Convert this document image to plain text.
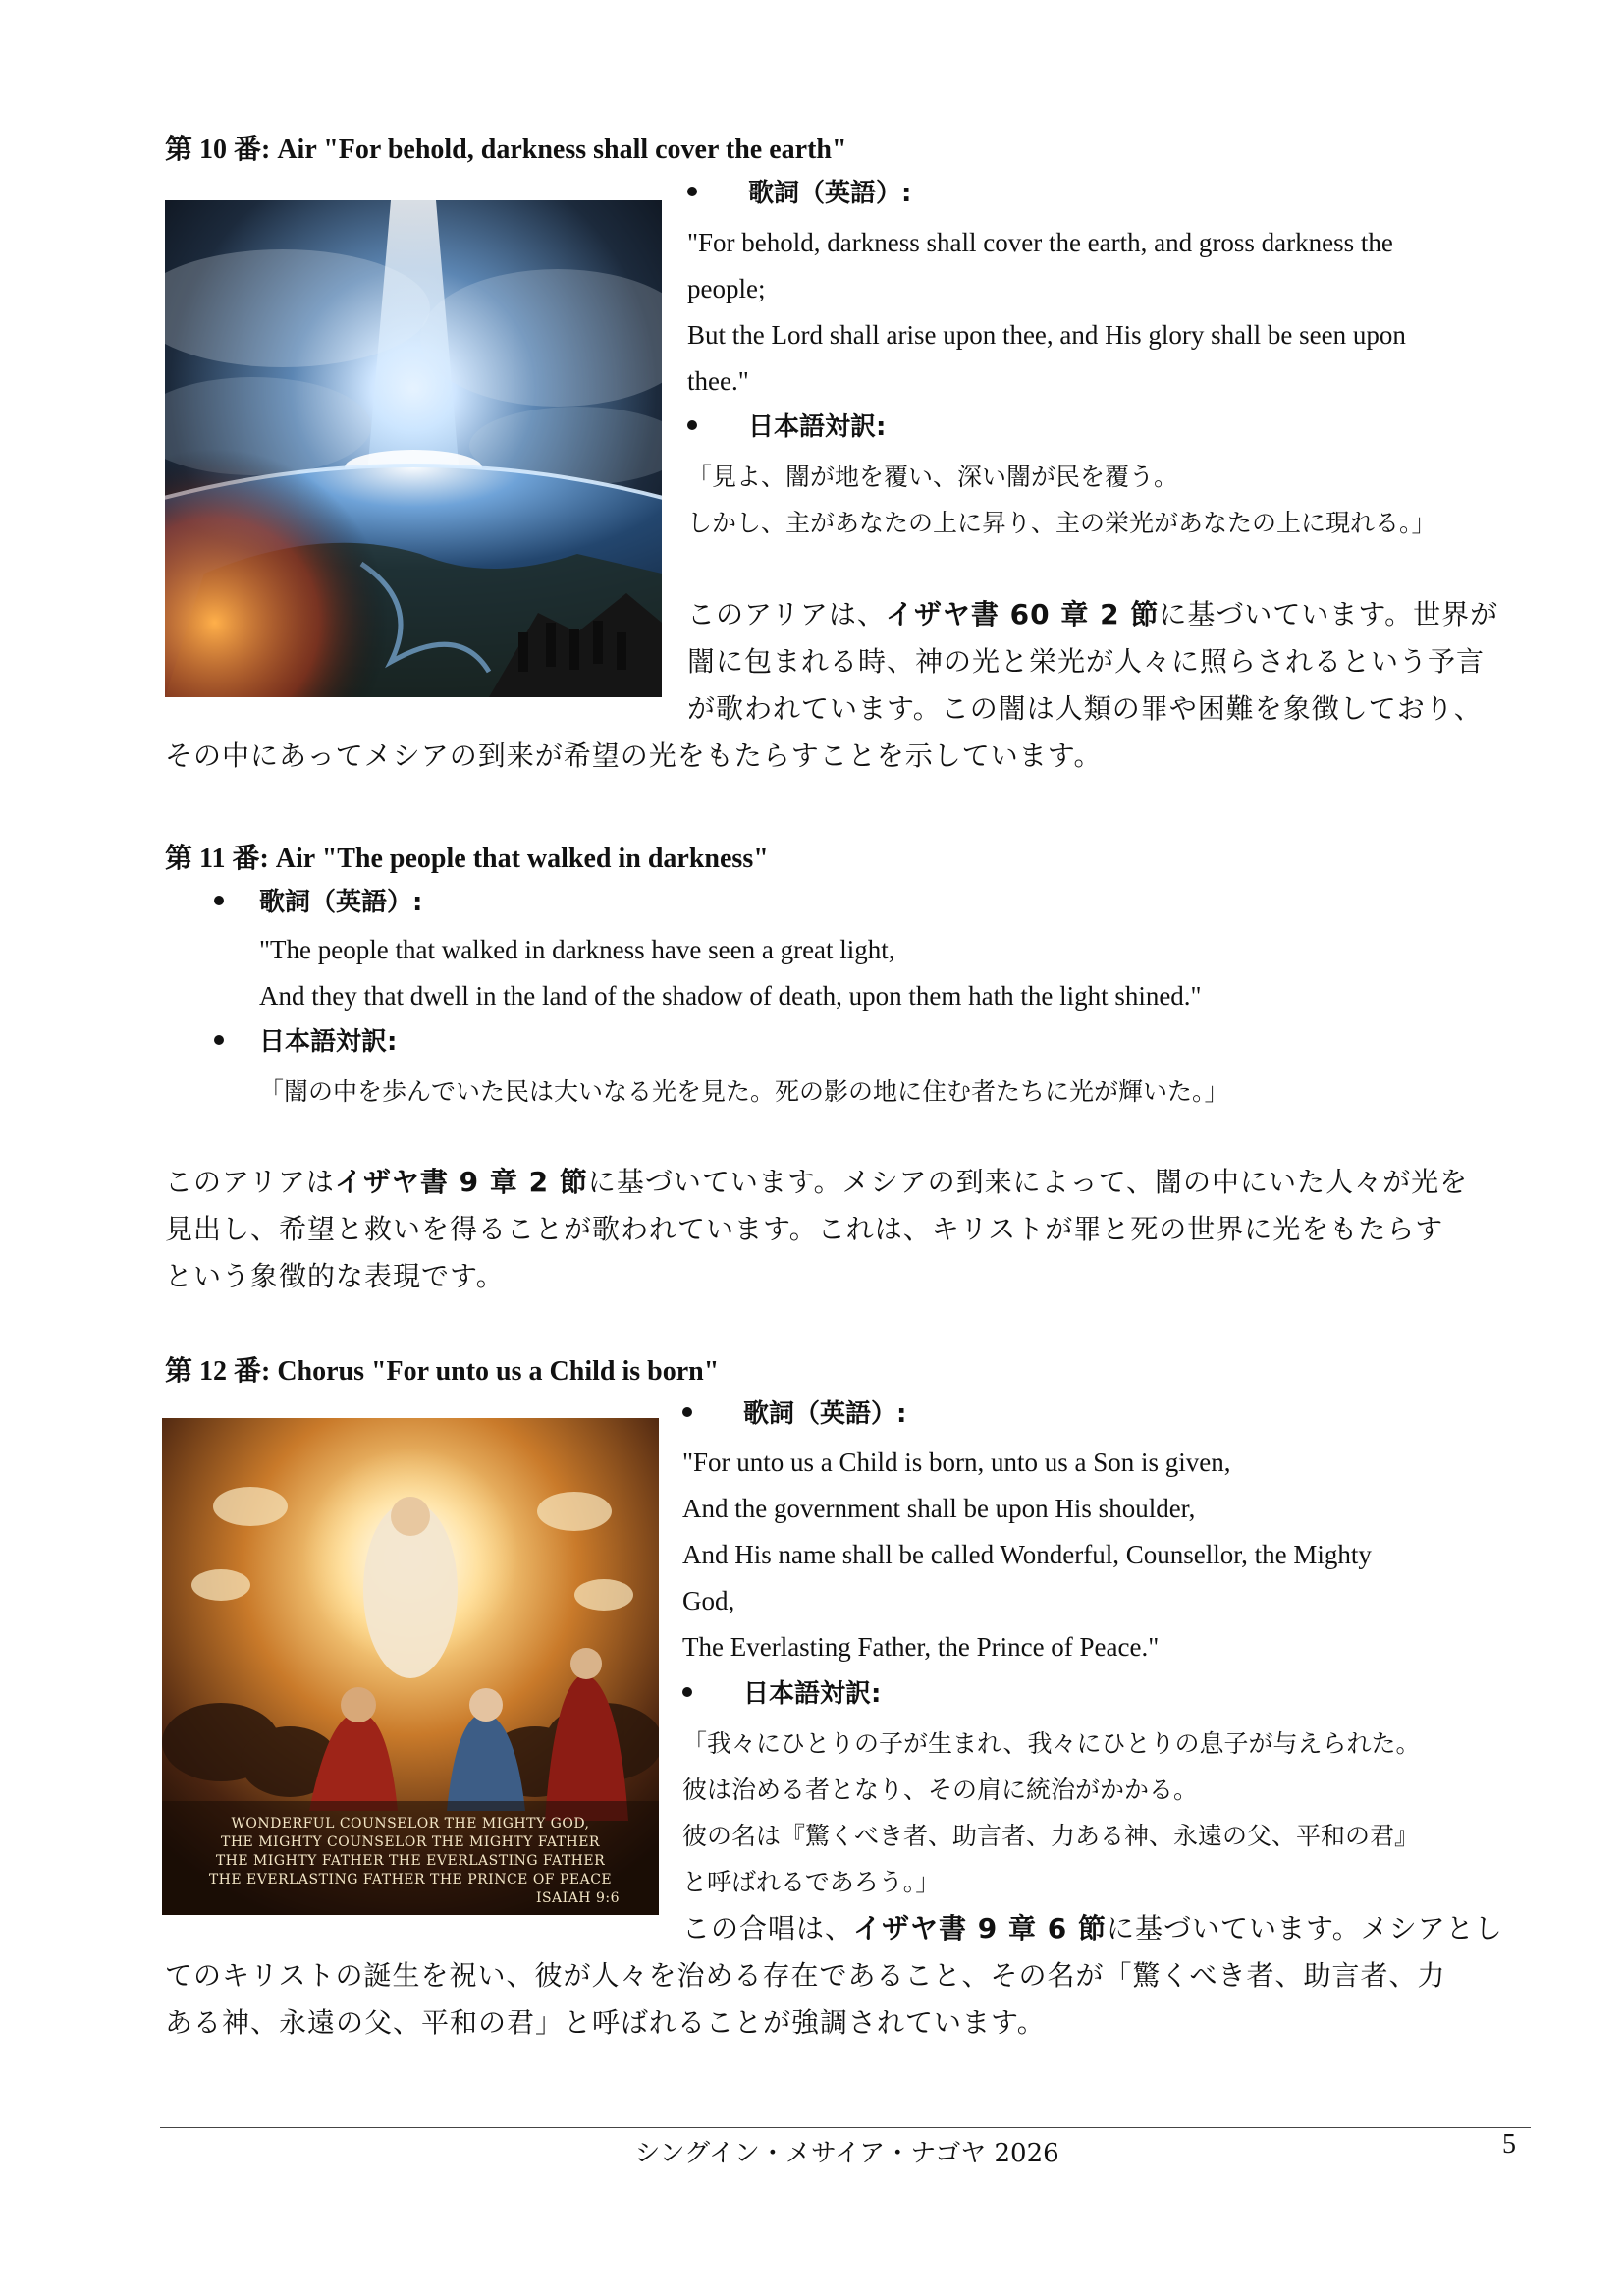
第 10 番: Air "For behold, darkness shall cover the earth"
歌詞（英語）:

"For behold, darkness shall cover the earth, and gross darkness the

people;

But the Lord shall arise upon thee, and His glory shall be seen upon

thee."

日本語対訳:

「見よ、闇が地を覆い、深い闇が民を覆う。

しかし、主があなたの上に昇り、主の栄光があなたの上に現れる。」

このアリアは、イザヤ書 60 章 2 節に基づいています。世界が

闇に包まれる時、神の光と栄光が人々に照らされるという予言

が歌われています。この闇は人類の罪や困難を象徴しており、

その中にあってメシアの到来が希望の光をもたらすことを示しています。

第 11 番: Air "The people that walked in darkness"
歌詞（英語）:

"The people that walked in darkness have seen a great light,

And they that dwell in the land of the shadow of death, upon them hath the light shined."

日本語対訳:

「闇の中を歩んでいた民は大いなる光を見た。死の影の地に住む者たちに光が輝いた。」

このアリアはイザヤ書 9 章 2 節に基づいています。メシアの到来によって、闇の中にいた人々が光を

見出し、希望と救いを得ることが歌われています。これは、キリストが罪と死の世界に光をもたらす

という象徴的な表現です。

第 12 番: Chorus "For unto us a Child is born"
WONDERFUL COUNSELOR THE MIGHTY GOD,
THE MIGHTY COUNSELOR THE MIGHTY FATHER
THE MIGHTY FATHER THE EVERLASTING FATHER
THE EVERLASTING FATHER THE PRINCE OF PEACE
ISAIAH 9:6
歌詞（英語）:

"For unto us a Child is born, unto us a Son is given,

And the government shall be upon His shoulder,

And His name shall be called Wonderful, Counsellor, the Mighty

God,

The Everlasting Father, the Prince of Peace."

日本語対訳:

「我々にひとりの子が生まれ、我々にひとりの息子が与えられた。

彼は治める者となり、その肩に統治がかかる。

彼の名は『驚くべき者、助言者、力ある神、永遠の父、平和の君』

と呼ばれるであろう。」

この合唱は、イザヤ書 9 章 6 節に基づいています。メシアとし

てのキリストの誕生を祝い、彼が人々を治める存在であること、その名が「驚くべき者、助言者、力

ある神、永遠の父、平和の君」と呼ばれることが強調されています。

シングイン・メサイア・ナゴヤ 2026	5
